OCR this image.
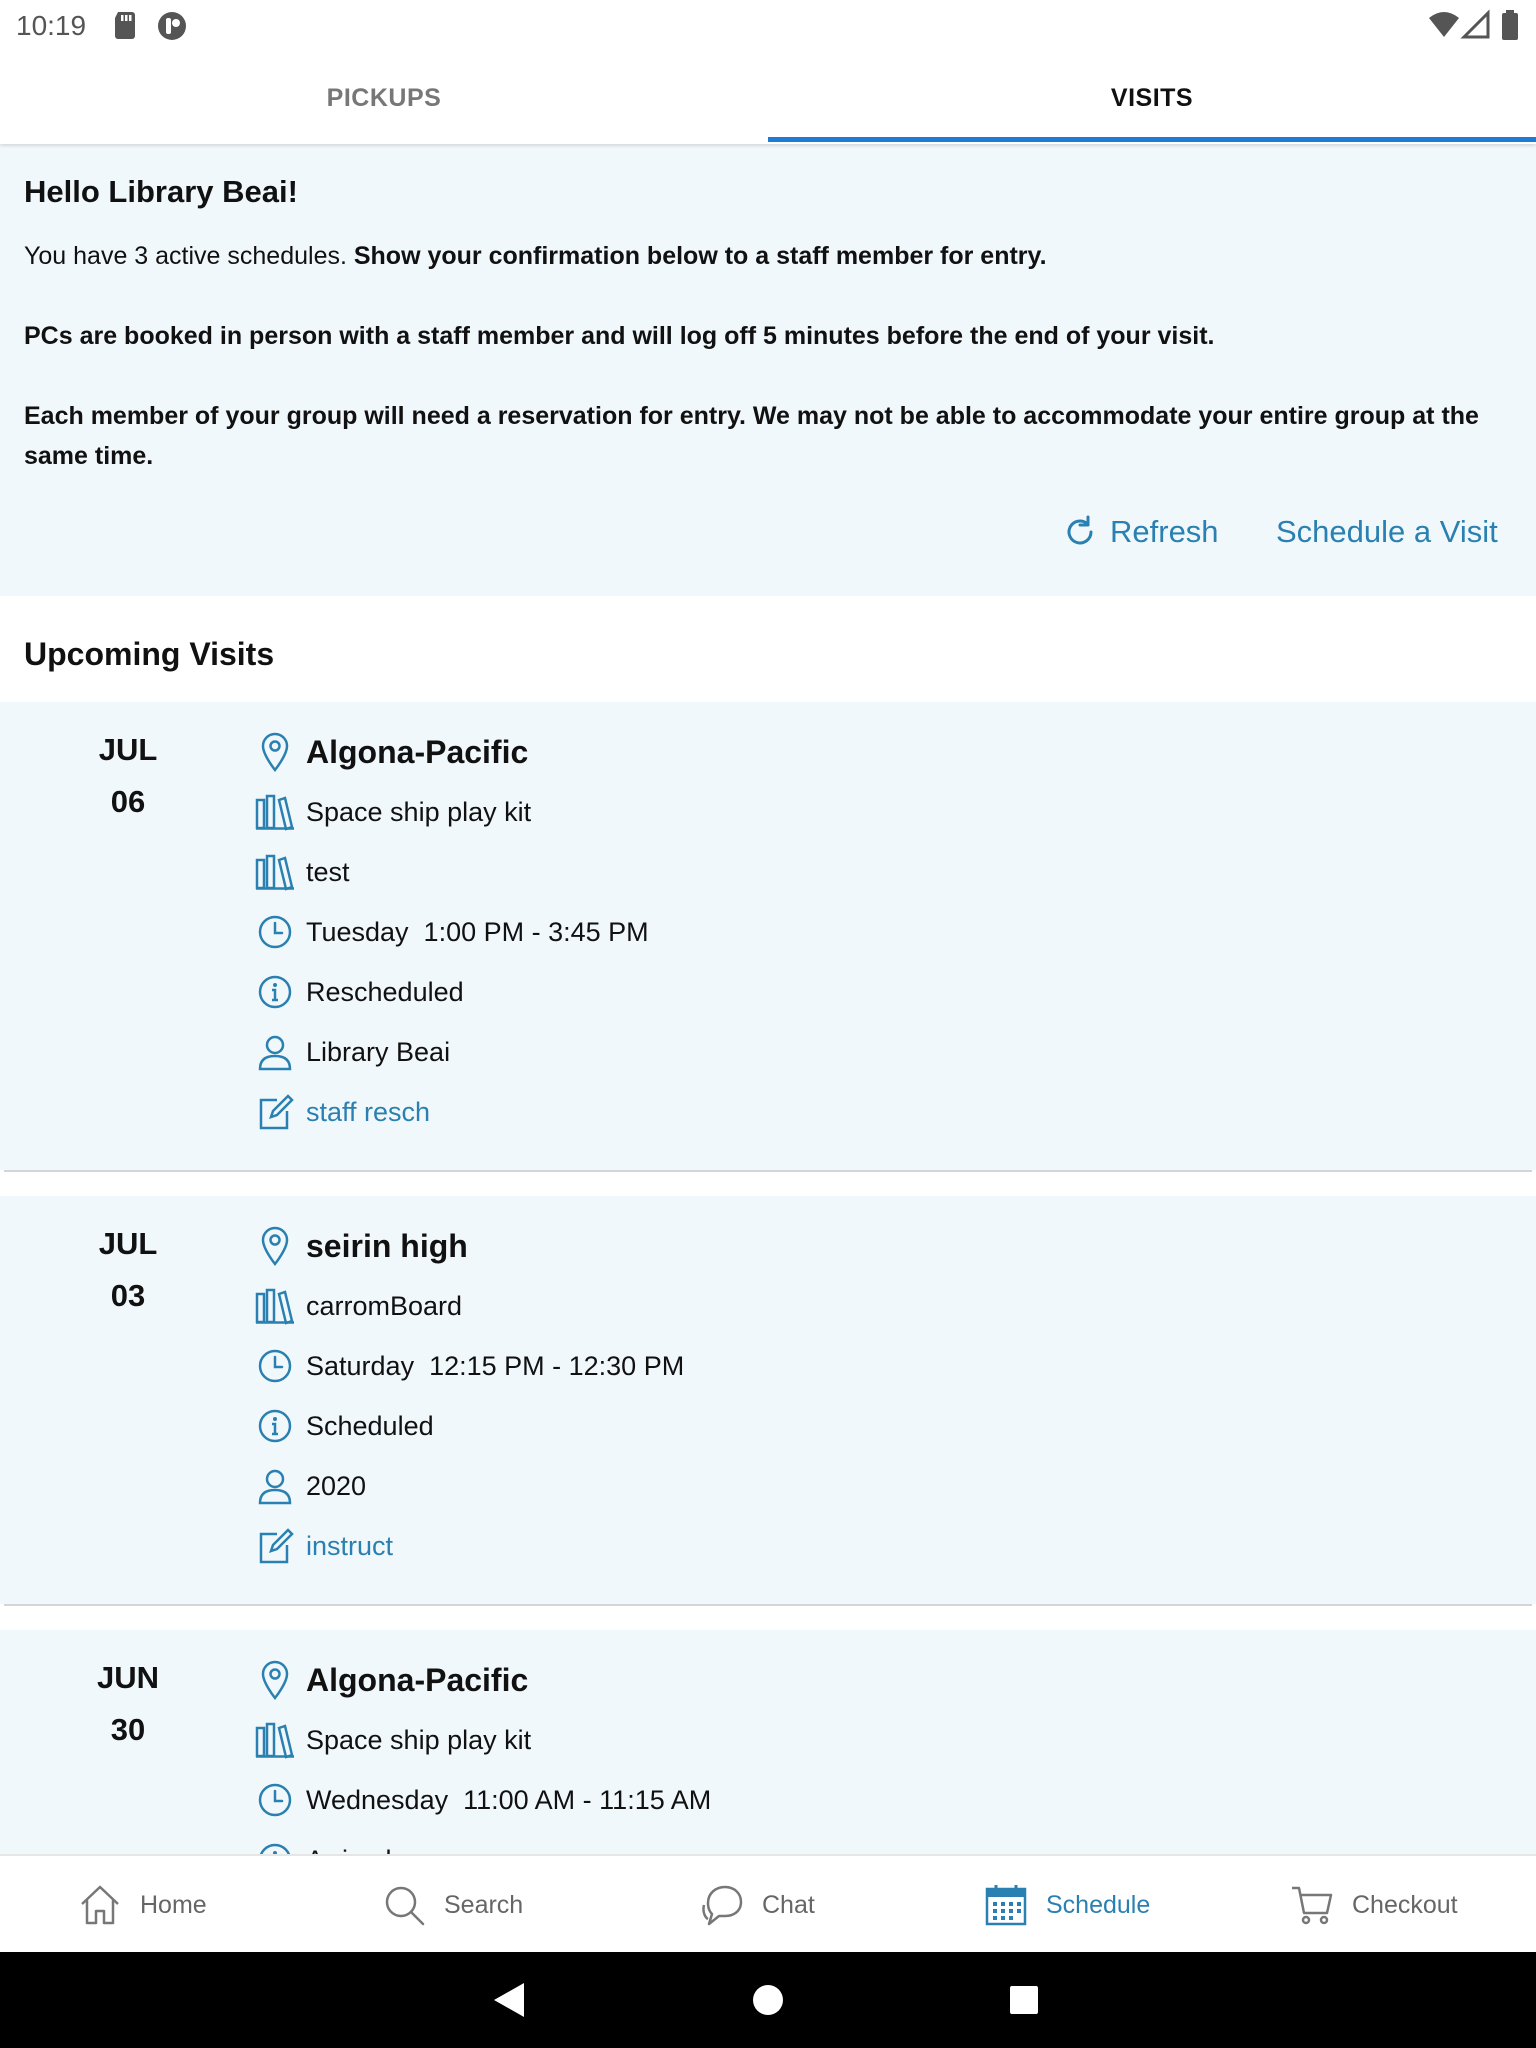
10:19
PICKUPS	VISITS
Hello Library Beai!

You have 3 active schedules. Show your confirmation below to a staff member for entry.

PCs are booked in person with a staff member and will log off 5 minutes before the end of your visit.

Each member of your group will need a reservation for entry. We may not be able to accommodate your entire group at the same time.

Refresh Schedule a Visit
Upcoming Visits
JUL
06
Algona-Pacific
Space ship play kit
test
Tuesday  1:00 PM - 3:45 PM
Rescheduled
Library Beai
staff resch
JUL
03
seirin high
carromBoard
Saturday  12:15 PM - 12:30 PM
Scheduled
2020
instruct
JUN
30
Algona-Pacific
Space ship play kit
Wednesday  11:00 AM - 11:15 AM
Home	Search	Chat	Schedule	Checkout
